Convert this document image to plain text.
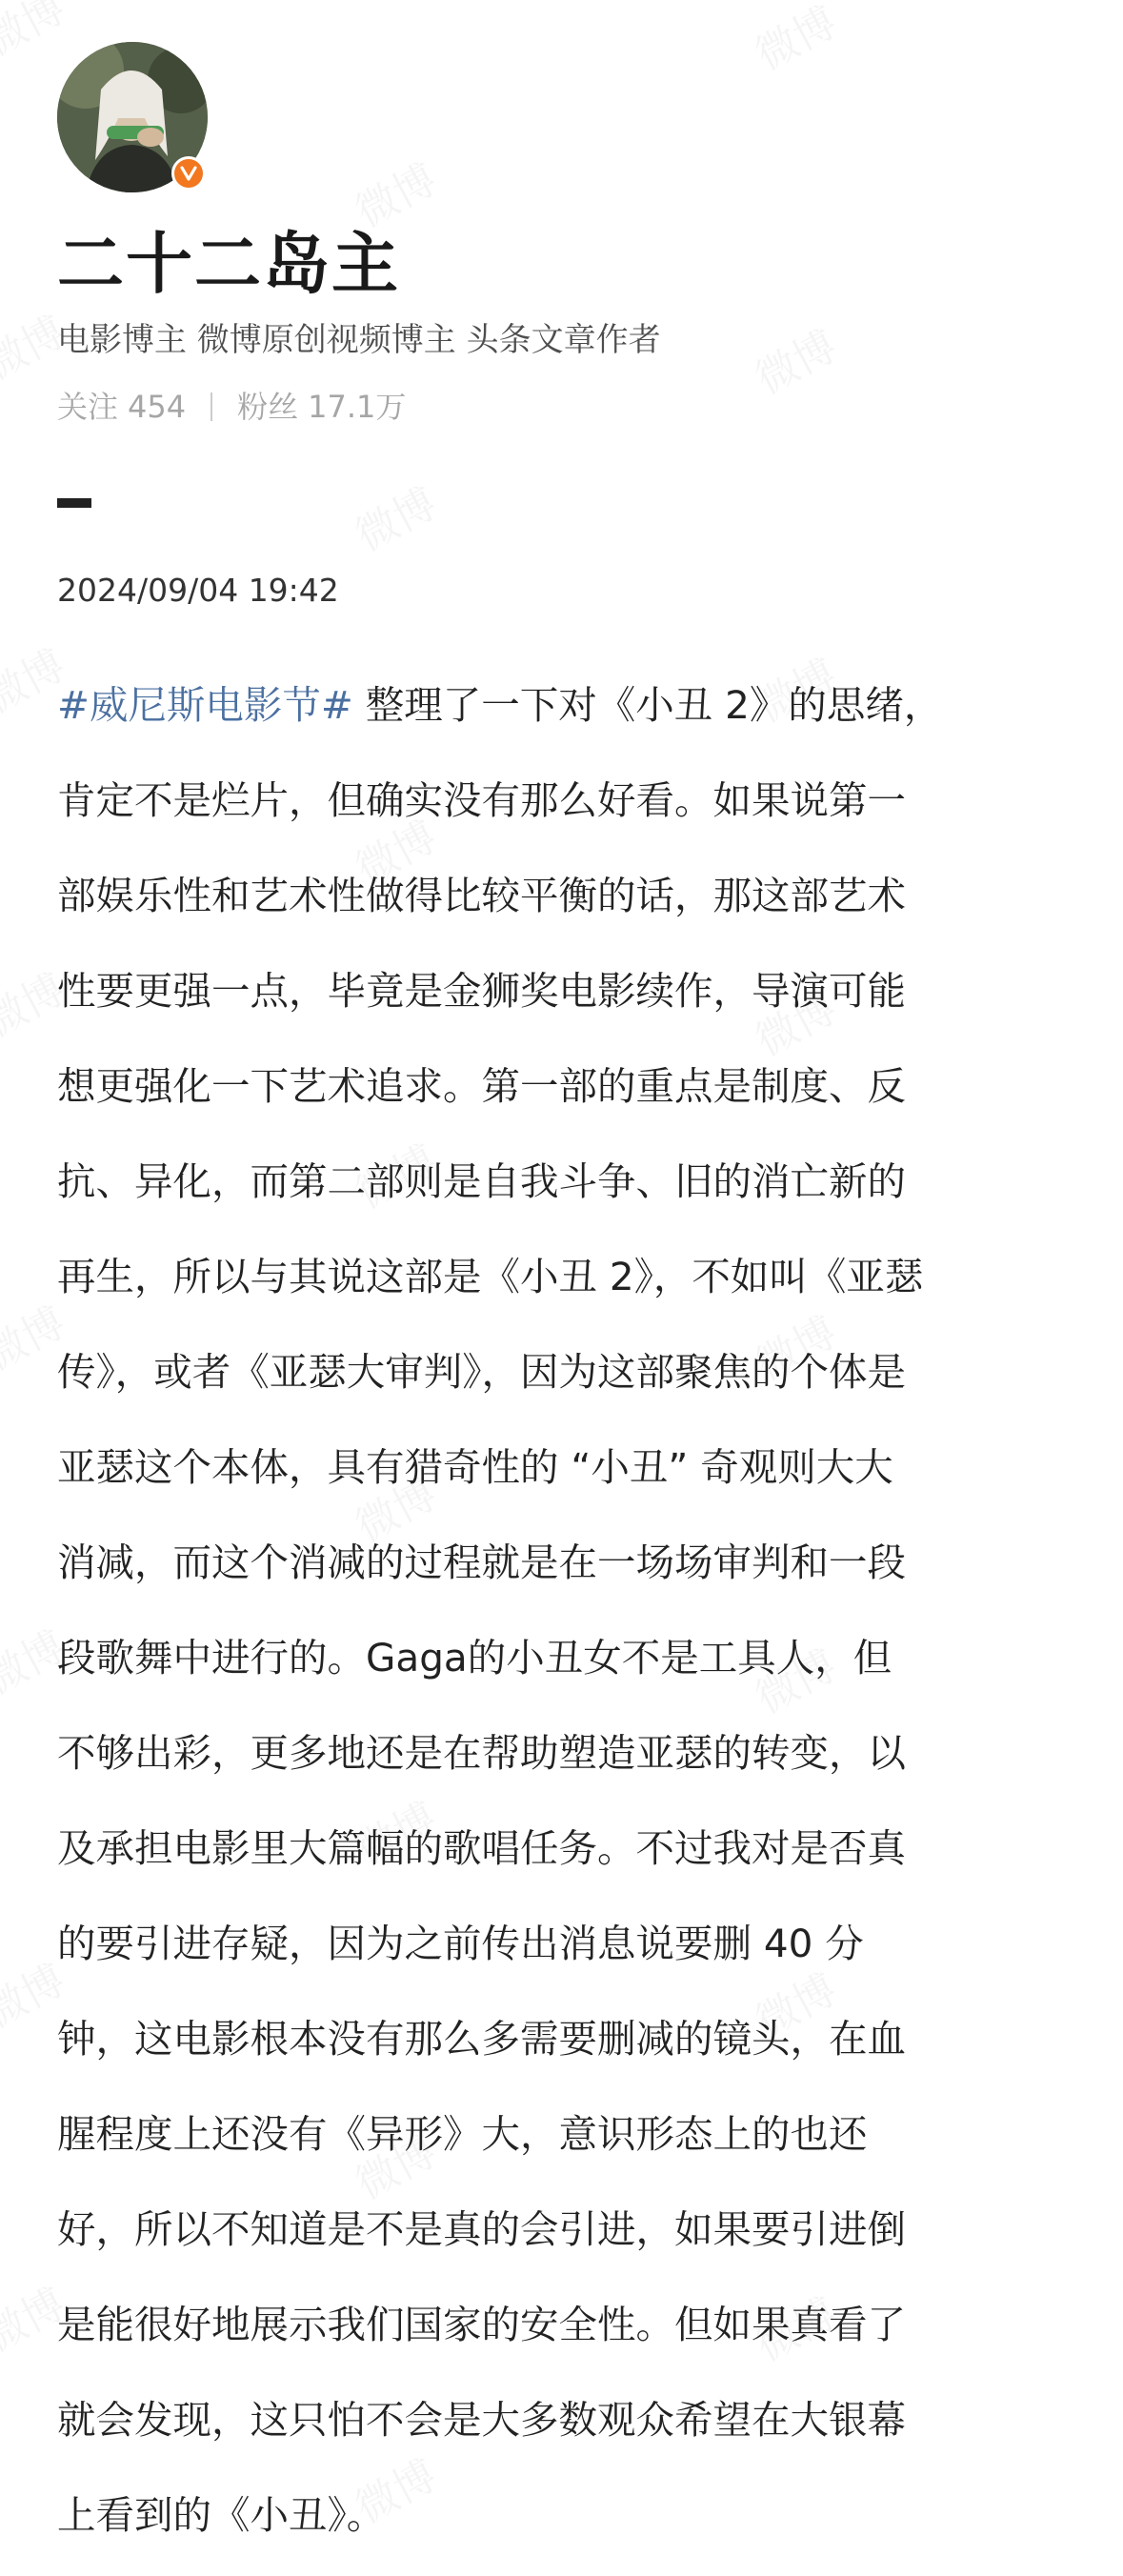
二十二岛主
电影博主 微博原创视频博主 头条文章作者
关注 454 粉丝 17.1万
2024/09/04 19:42
#威尼斯电影节# 整理了一下对《小丑 2》的思绪，
肯定不是烂片，但确实没有那么好看。如果说第一
部娱乐性和艺术性做得比较平衡的话，那这部艺术
性要更强一点，毕竟是金狮奖电影续作，导演可能
想更强化一下艺术追求。第一部的重点是制度、反
抗、异化，而第二部则是自我斗争、旧的消亡新的
再生，所以与其说这部是《小丑 2》，不如叫《亚瑟
传》，或者《亚瑟大审判》，因为这部聚焦的个体是
亚瑟这个本体，具有猎奇性的 “小丑” 奇观则大大
消减，而这个消减的过程就是在一场场审判和一段
段歌舞中进行的。Gaga的小丑女不是工具人，但
不够出彩，更多地还是在帮助塑造亚瑟的转变，以
及承担电影里大篇幅的歌唱任务。不过我对是否真
的要引进存疑，因为之前传出消息说要删 40 分
钟，这电影根本没有那么多需要删减的镜头，在血
腥程度上还没有《异形》大，意识形态上的也还
好，所以不知道是不是真的会引进，如果要引进倒
是能很好地展示我们国家的安全性。但如果真看了
就会发现，这只怕不会是大多数观众希望在大银幕
上看到的《小丑》。
